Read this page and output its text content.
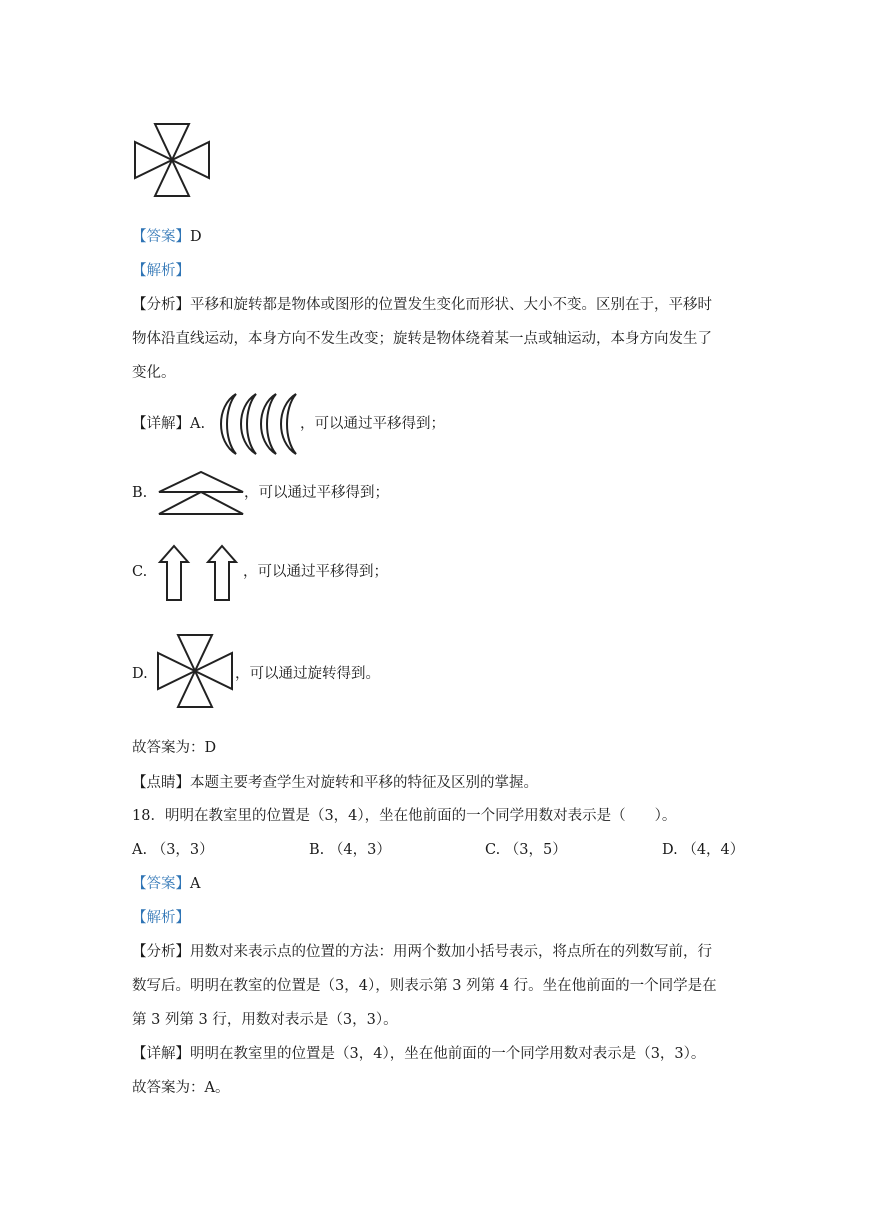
【答案】D
【解析】
【分析】平移和旋转都是物体或图形的位置发生变化而形状、大小不变。区别在于，平移时
物体沿直线运动，本身方向不发生改变；旋转是物体绕着某一点或轴运动，本身方向发生了
变化。
【详解】A.	，可以通过平移得到；
B.	，可以通过平移得到；
C.	，可以通过平移得到；
D.	，可以通过旋转得到。
故答案为：D
【点睛】本题主要考查学生对旋转和平移的特征及区别的掌握。
18．明明在教室里的位置是（3，4），坐在他前面的一个同学用数对表示是（　　）。
A. （3，3）	B. （4，3）	C. （3，5）	D. （4，4）
【答案】A
【解析】
【分析】用数对来表示点的位置的方法：用两个数加小括号表示，将点所在的列数写前，行
数写后。明明在教室的位置是（3，4），则表示第 3 列第 4 行。坐在他前面的一个同学是在
第 3 列第 3 行，用数对表示是（3，3）。
【详解】明明在教室里的位置是（3，4），坐在他前面的一个同学用数对表示是（3，3）。
故答案为：A。
